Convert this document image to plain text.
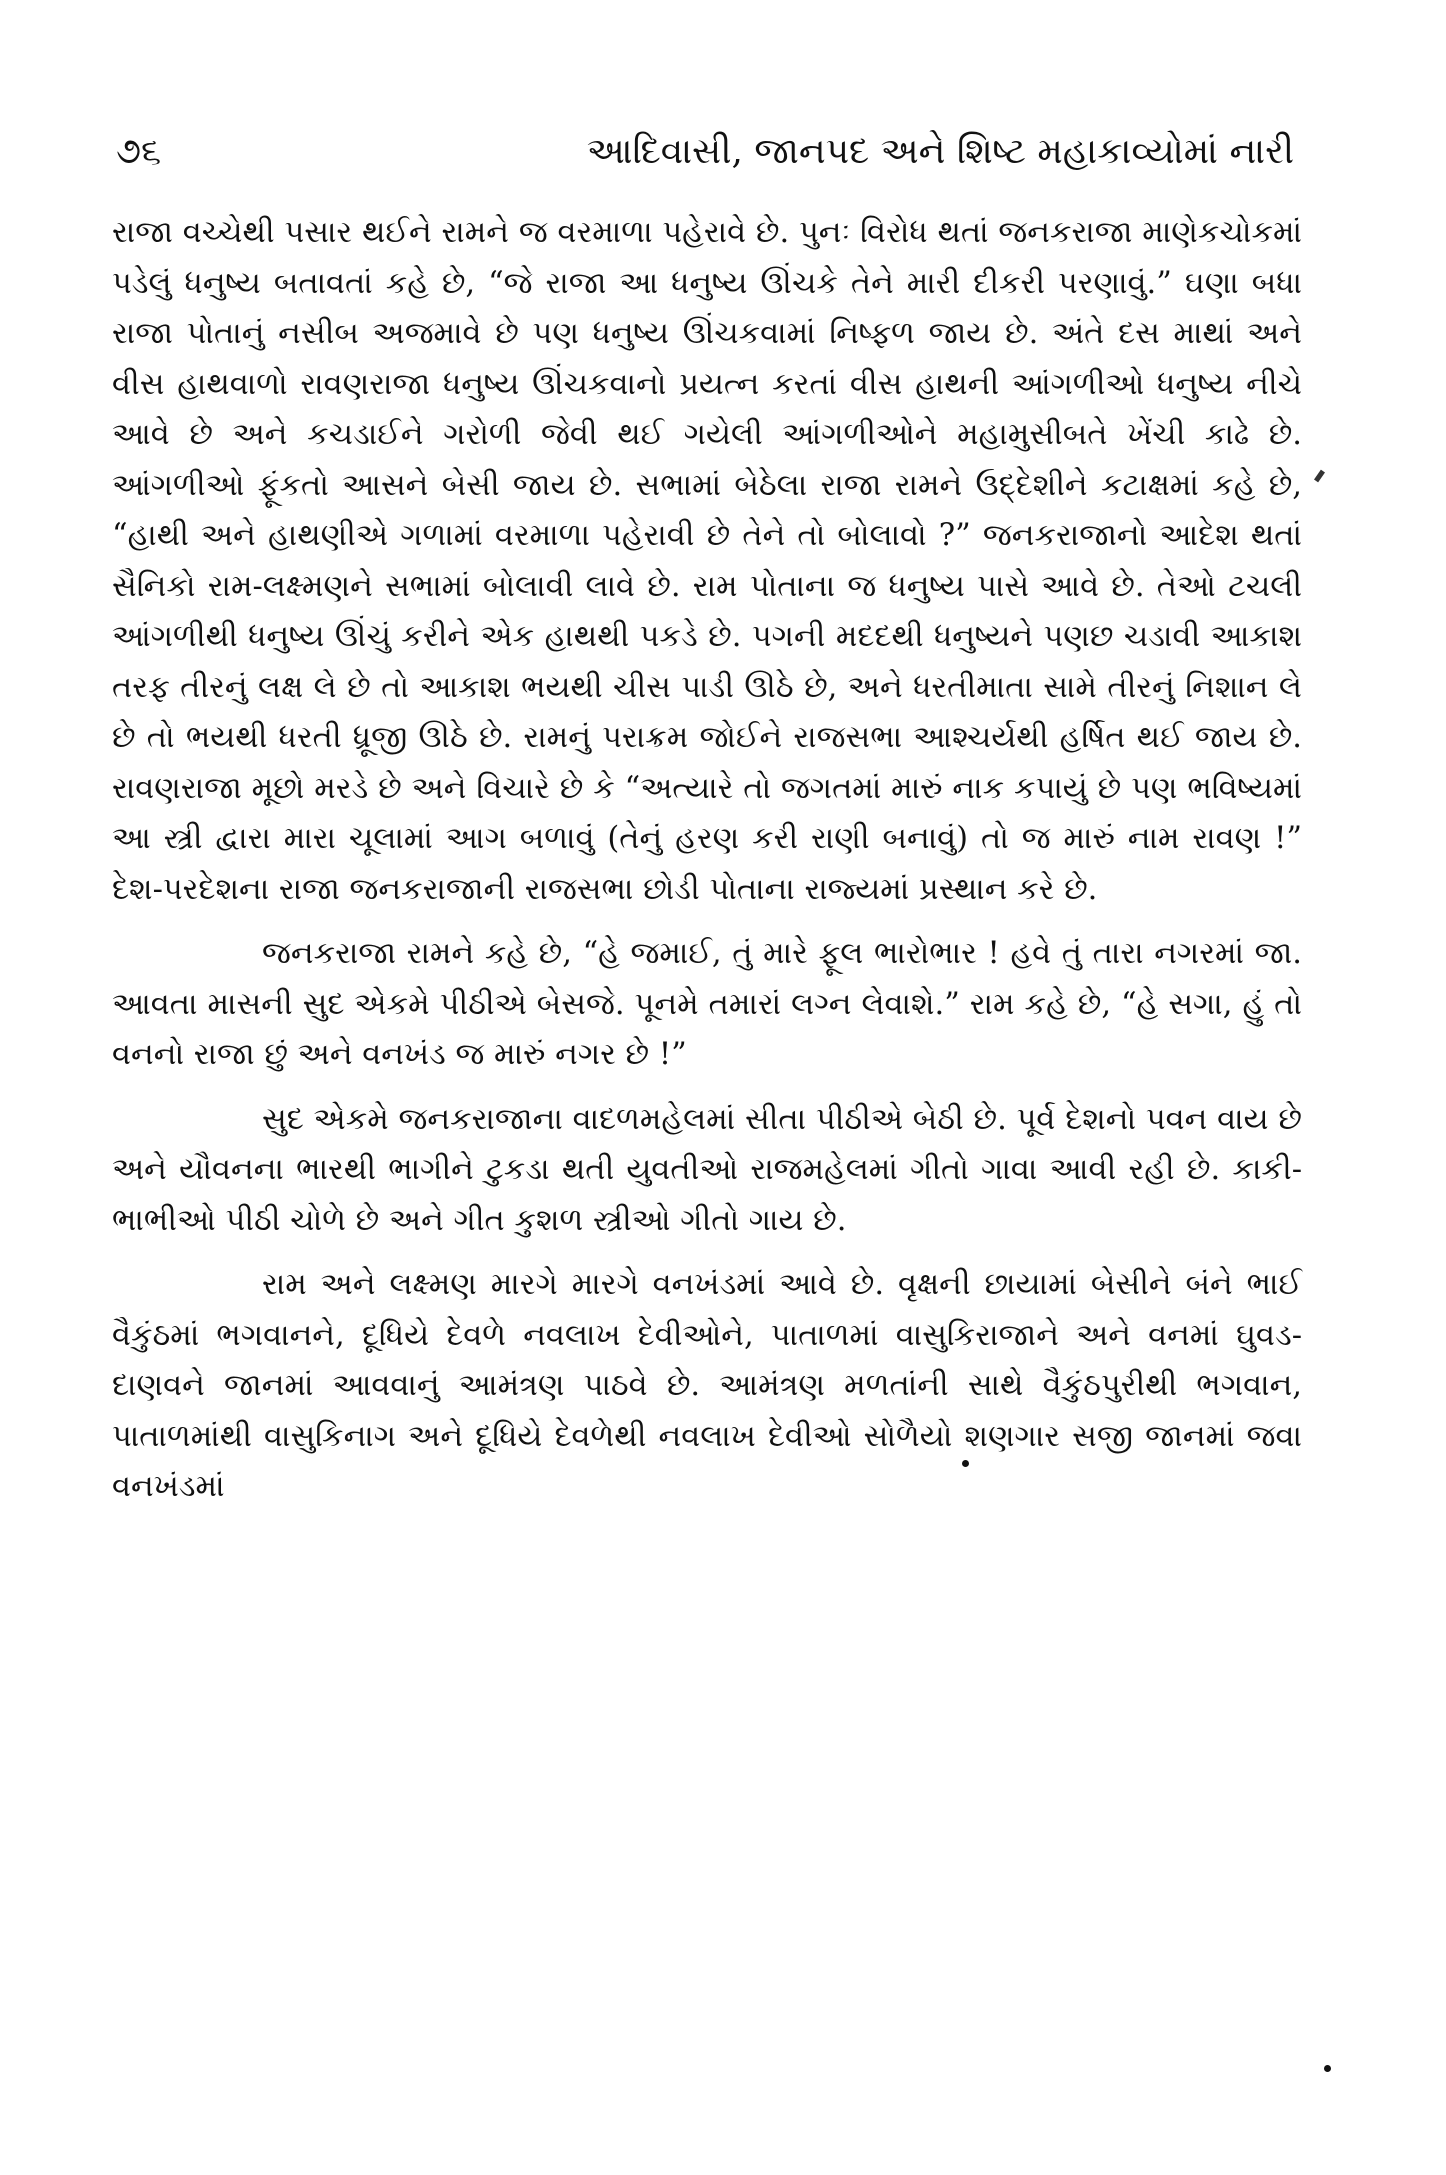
૭૬	આદિવાસી, જાનપદ અને શિષ્ટ મહાકાવ્યોમાં નારી

રાજા વચ્ચેથી પસાર થઈને રામને જ વરમાળા પહેરાવે છે. પુનઃ વિરોધ થતાં જનકરાજા માણેકચોકમાં પડેલું ધનુષ્ય બતાવતાં કહે છે, “જે રાજા આ ધનુષ્ય ઊંચકે તેને મારી દીકરી પરણાવું.” ઘણા બધા રાજા પોતાનું નસીબ અજમાવે છે પણ ધનુષ્ય ઊંચકવામાં નિષ્ફળ જાય છે. અંતે દસ માથાં અને વીસ હાથવાળો રાવણરાજા ધનુષ્ય ઊંચકવાનો પ્રયત્ન કરતાં વીસ હાથની આંગળીઓ ધનુષ્ય નીચે આવે છે અને કચડાઈને ગરોળી જેવી થઈ ગયેલી આંગળીઓને મહામુસીબતે ખેંચી કાઢે છે. આંગળીઓ ફૂંકતો આસને બેસી જાય છે. સભામાં બેઠેલા રાજા રામને ઉદ્દેશીને કટાક્ષમાં કહે છે, “હાથી અને હાથણીએ ગળામાં વરમાળા પહેરાવી છે તેને તો બોલાવો ?” જનકરાજાનો આદેશ થતાં સૈનિકો રામ-લક્ષ્મણને સભામાં બોલાવી લાવે છે. રામ પોતાના જ ધનુષ્ય પાસે આવે છે. તેઓ ટચલી આંગળીથી ધનુષ્ય ઊંચું કરીને એક હાથથી પકડે છે. પગની મદદથી ધનુષ્યને પણછ ચડાવી આકાશ તરફ તીરનું લક્ષ લે છે તો આકાશ ભયથી ચીસ પાડી ઊઠે છે, અને ધરતીમાતા સામે તીરનું નિશાન લે છે તો ભયથી ધરતી ધ્રૂજી ઊઠે છે. રામનું પરાક્રમ જોઈને રાજસભા આશ્ચર્યથી હર્ષિત થઈ જાય છે. રાવણરાજા મૂછો મરડે છે અને વિચારે છે કે “અત્યારે તો જગતમાં મારું નાક કપાયું છે પણ ભવિષ્યમાં આ સ્ત્રી દ્વારા મારા ચૂલામાં આગ બળાવું (તેનું હરણ કરી રાણી બનાવું) તો જ મારું નામ રાવણ !” દેશ-પરદેશના રાજા જનકરાજાની રાજસભા છોડી પોતાના રાજ્યમાં પ્રસ્થાન કરે છે.

જનકરાજા રામને કહે છે, “હે જમાઈ, તું મારે ફૂલ ભારોભાર ! હવે તું તારા નગરમાં જા. આવતા માસની સુદ એકમે પીઠીએ બેસજે. પૂનમે તમારાં લગ્ન લેવાશે.” રામ કહે છે, “હે સગા, હું તો વનનો રાજા છું અને વનખંડ જ મારું નગર છે !”

સુદ એકમે જનકરાજાના વાદળમહેલમાં સીતા પીઠીએ બેઠી છે. પૂર્વ દેશનો પવન વાય છે અને યૌવનના ભારથી ભાગીને ટુકડા થતી યુવતીઓ રાજમહેલમાં ગીતો ગાવા આવી રહી છે. કાકી-ભાભીઓ પીઠી ચોળે છે અને ગીત કુશળ સ્ત્રીઓ ગીતો ગાય છે.

રામ અને લક્ષ્મણ મારગે મારગે વનખંડમાં આવે છે. વૃક્ષની છાયામાં બેસીને બંને ભાઈ વૈકુંઠમાં ભગવાનને, દૂધિયે દેવળે નવલાખ દેવીઓને, પાતાળમાં વાસુકિરાજાને અને વનમાં ઘુવડ-દાણવને જાનમાં આવવાનું આમંત્રણ પાઠવે છે. આમંત્રણ મળતાંની સાથે વૈકુંઠપુરીથી ભગવાન, પાતાળમાંથી વાસુકિનાગ અને દૂધિયે દેવળેથી નવલાખ દેવીઓ સોળૈયો શણગાર સજી જાનમાં જવા વનખંડમાં
